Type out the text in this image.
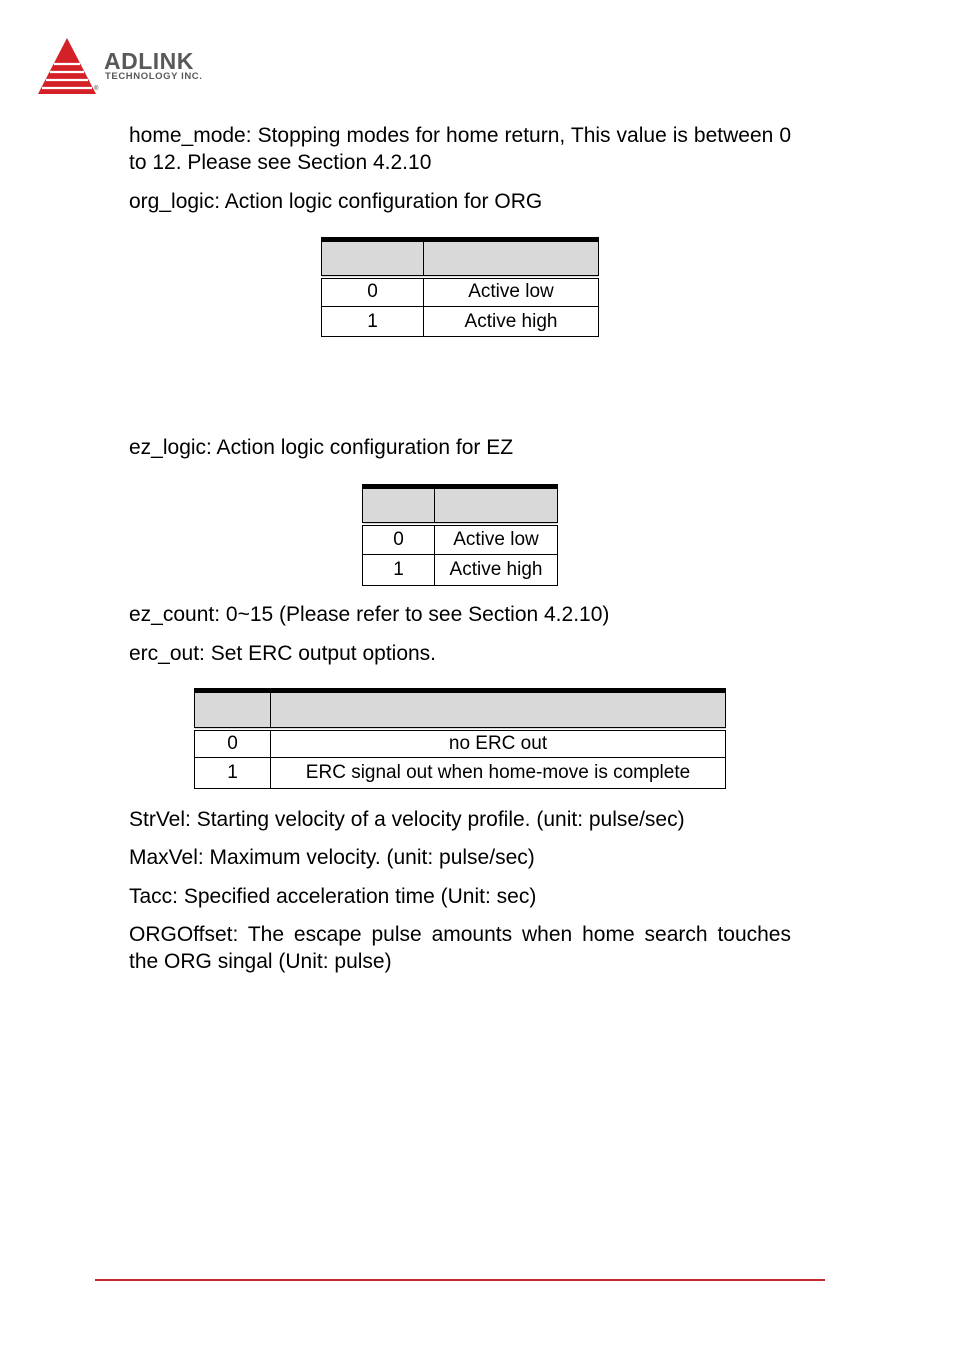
®
ADLINK
TECHNOLOGY INC.

home_mode: Stopping modes for home return, This value is between 0 to 12. Please see Section 4.2.10

org_logic: Action logic configuration for ORG

0	Active low
1	Active high

ez_logic: Action logic configuration for EZ

0	Active low
1	Active high

ez_count: 0~15 (Please refer to see Section 4.2.10)

erc_out: Set ERC output options.

0	no ERC out
1	ERC signal out when home-move is complete

StrVel: Starting velocity of a velocity profile. (unit: pulse/sec)

MaxVel: Maximum velocity. (unit: pulse/sec)

Tacc: Specified acceleration time (Unit: sec)

ORGOffset: The escape pulse amounts when home search touches the ORG singal (Unit: pulse)
